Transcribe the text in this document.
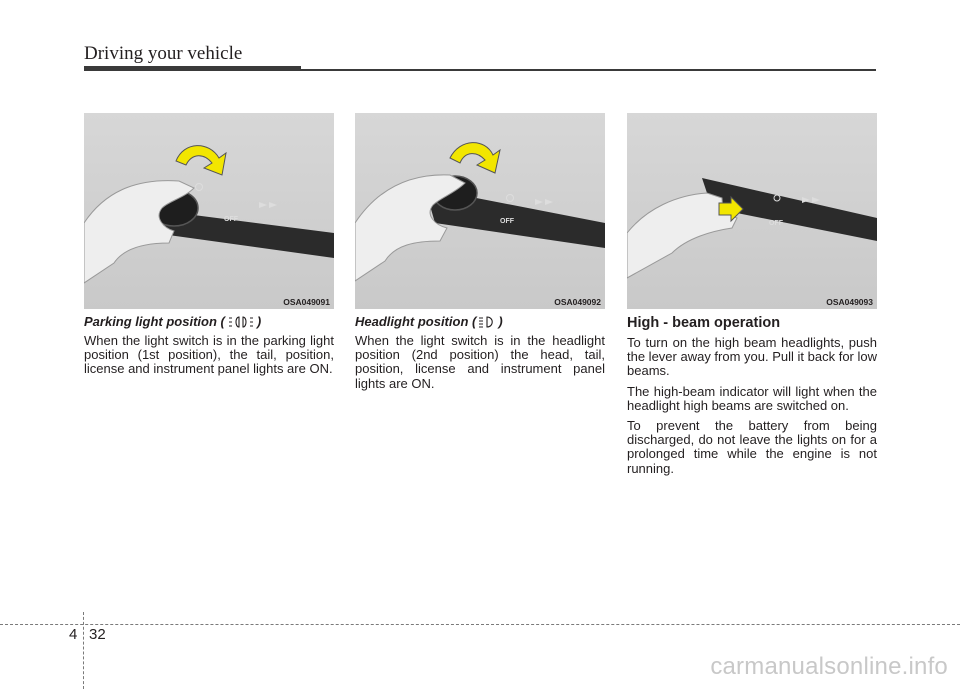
Driving your vehicle
OFF
OSA049091
OFF
OSA049092
OFF
OSA049093
Parking light position ( )

When the light switch is in the parking light position (1st position), the tail, position, license and instrument panel lights are ON.

Headlight position ( )

When the light switch is in the headlight position (2nd position) the head, tail, position, license and instrument panel lights are ON.

High - beam operation

To turn on the high beam headlights, push the lever away from you. Pull it back for low beams.

The high-beam indicator will light when the headlight high beams are switched on.

To prevent the battery from being discharged, do not leave the lights on for a prolonged time while the engine is not running.

4 32
carmanualsonline.info
